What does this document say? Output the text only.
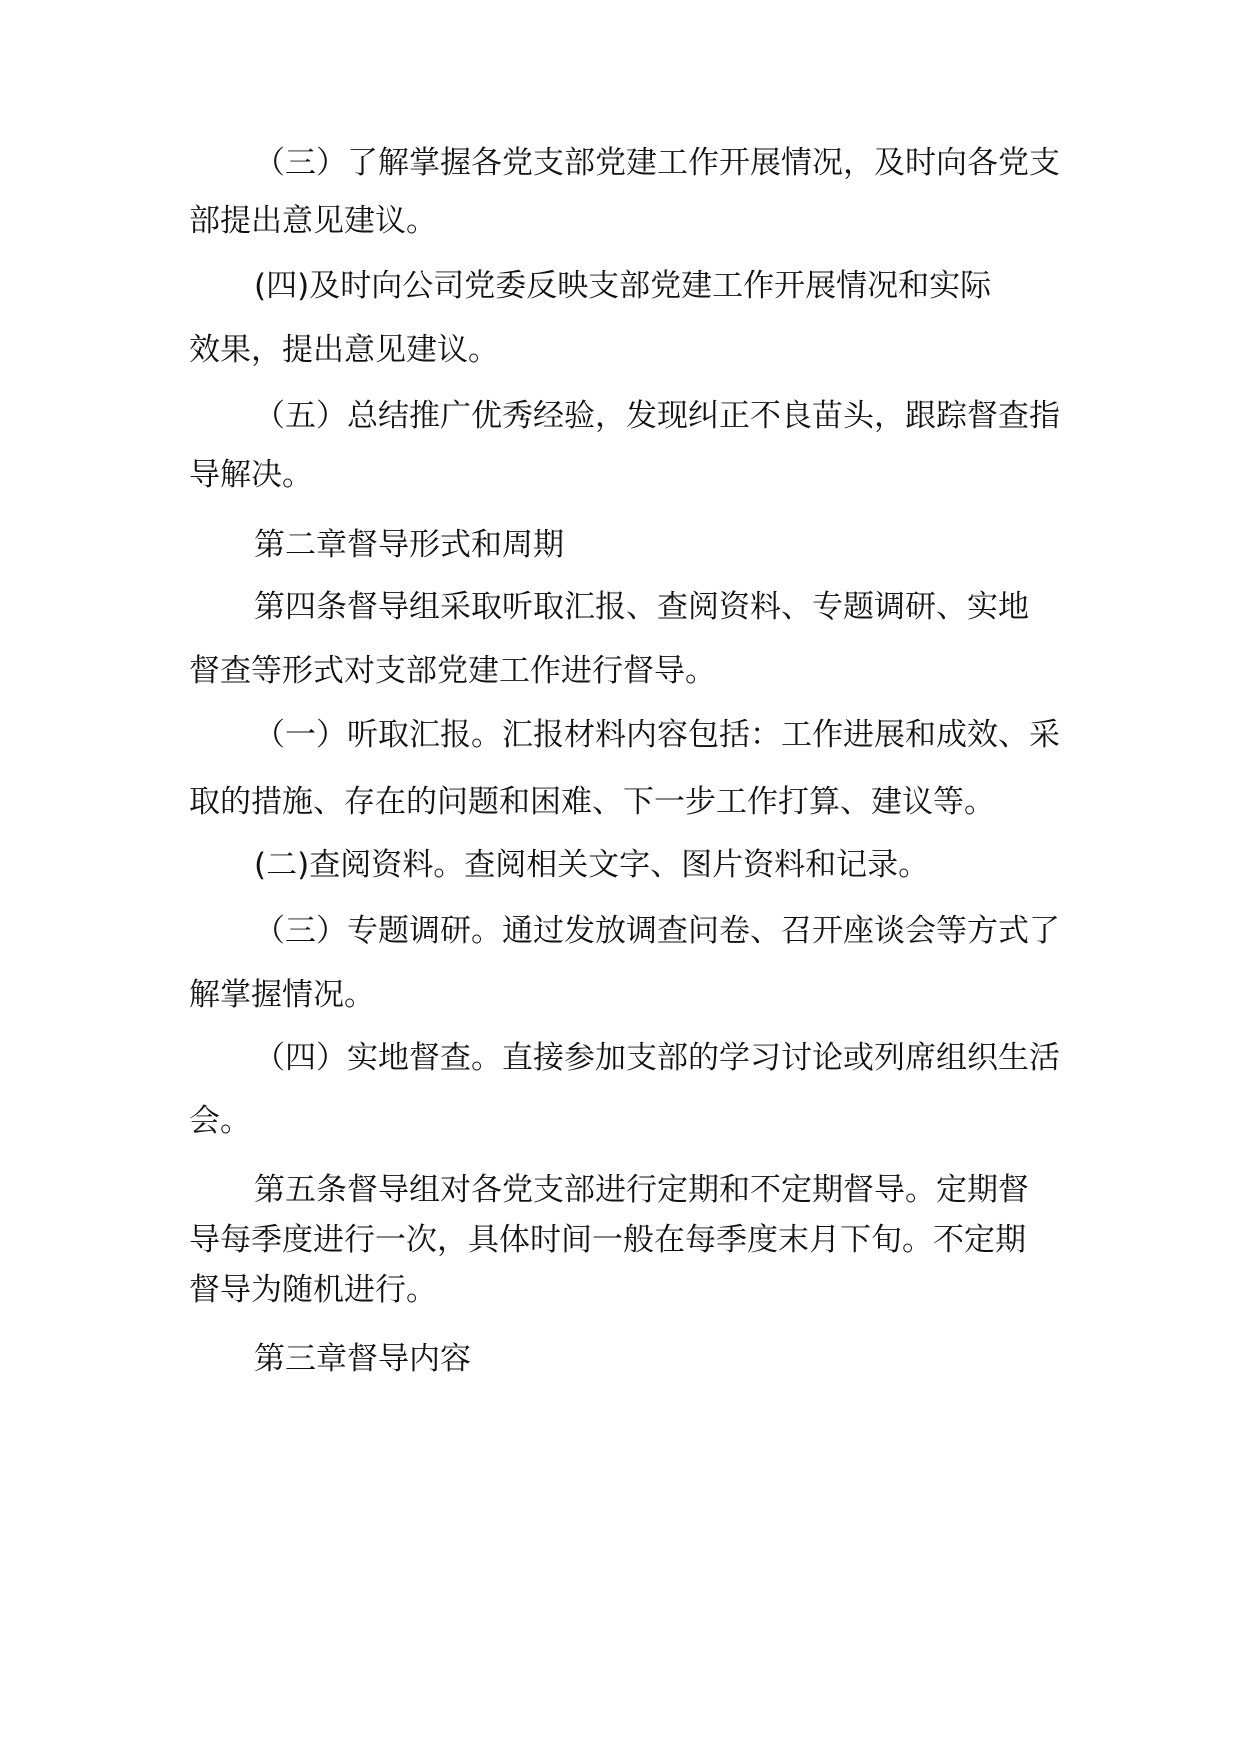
（三）了解掌握各党支部党建工作开展情况，及时向各党支
部提出意见建议。
(四)及时向公司党委反映支部党建工作开展情况和实际
效果，提出意见建议。
（五）总结推广优秀经验，发现纠正不良苗头，跟踪督查指
导解决。
第二章督导形式和周期
第四条督导组采取听取汇报、查阅资料、专题调研、实地
督查等形式对支部党建工作进行督导。
（一）听取汇报。汇报材料内容包括：工作进展和成效、采
取的措施、存在的问题和困难、下一步工作打算、建议等。
(二)查阅资料。查阅相关文字、图片资料和记录。
（三）专题调研。通过发放调查问卷、召开座谈会等方式了
解掌握情况。
（四）实地督查。直接参加支部的学习讨论或列席组织生活
会。
第五条督导组对各党支部进行定期和不定期督导。定期督
导每季度进行一次，具体时间一般在每季度末月下旬。不定期
督导为随机进行。
第三章督导内容
